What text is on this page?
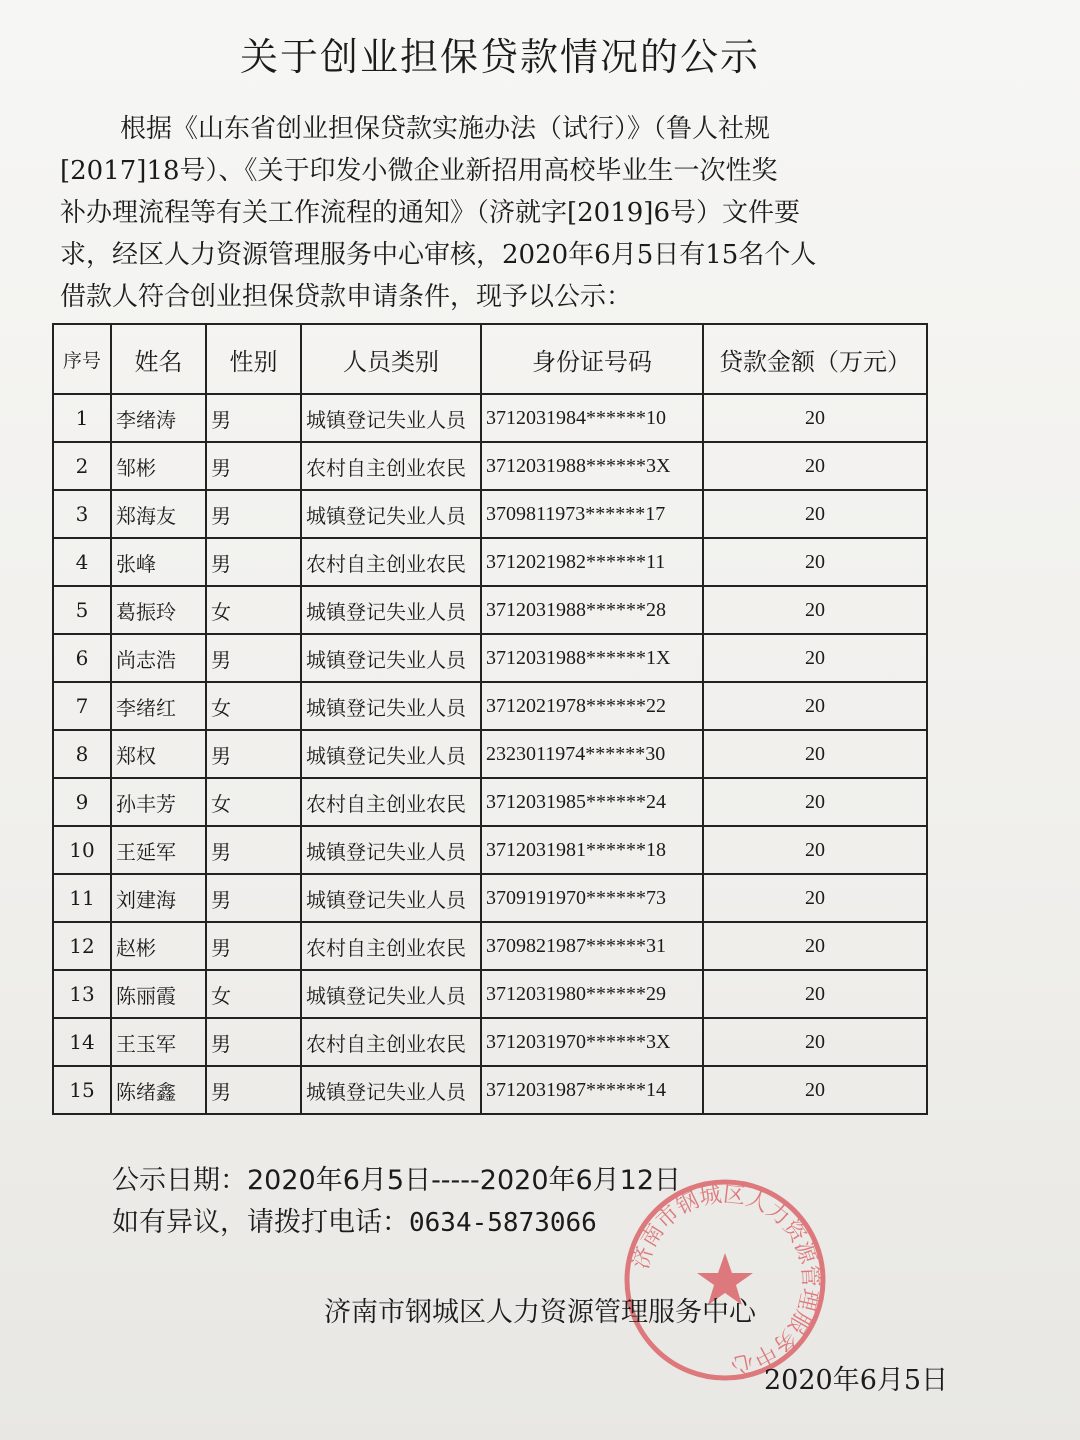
关于创业担保贷款情况的公示
根据《山东省创业担保贷款实施办法（试行）》（鲁人社规
[2017]18号）、《关于印发小微企业新招用高校毕业生一次性奖
补办理流程等有关工作流程的通知》（济就字[2019]6号）文件要
求，经区人力资源管理服务中心审核，2020年6月5日有15名个人
借款人符合创业担保贷款申请条件，现予以公示：
序号	姓名	性别	人员类别	身份证号码	贷款金额（万元）
1	李绪涛	男	城镇登记失业人员	3712031984******10	20
2	邹彬	男	农村自主创业农民	3712031988******3X	20
3	郑海友	男	城镇登记失业人员	3709811973******17	20
4	张峰	男	农村自主创业农民	3712021982******11	20
5	葛振玲	女	城镇登记失业人员	3712031988******28	20
6	尚志浩	男	城镇登记失业人员	3712031988******1X	20
7	李绪红	女	城镇登记失业人员	3712021978******22	20
8	郑权	男	城镇登记失业人员	2323011974******30	20
9	孙丰芳	女	农村自主创业农民	3712031985******24	20
10	王延军	男	城镇登记失业人员	3712031981******18	20
11	刘建海	男	城镇登记失业人员	3709191970******73	20
12	赵彬	男	农村自主创业农民	3709821987******31	20
13	陈丽霞	女	城镇登记失业人员	3712031980******29	20
14	王玉军	男	农村自主创业农民	3712031970******3X	20
15	陈绪鑫	男	城镇登记失业人员	3712031987******14	20
公示日期：2020年6月5日-----2020年6月12日
如有异议，请拨打电话：0634-5873066
济南市钢城区人力资源管理服务中心
济南市钢城区人力资源管理服务中心
2020年6月5日
